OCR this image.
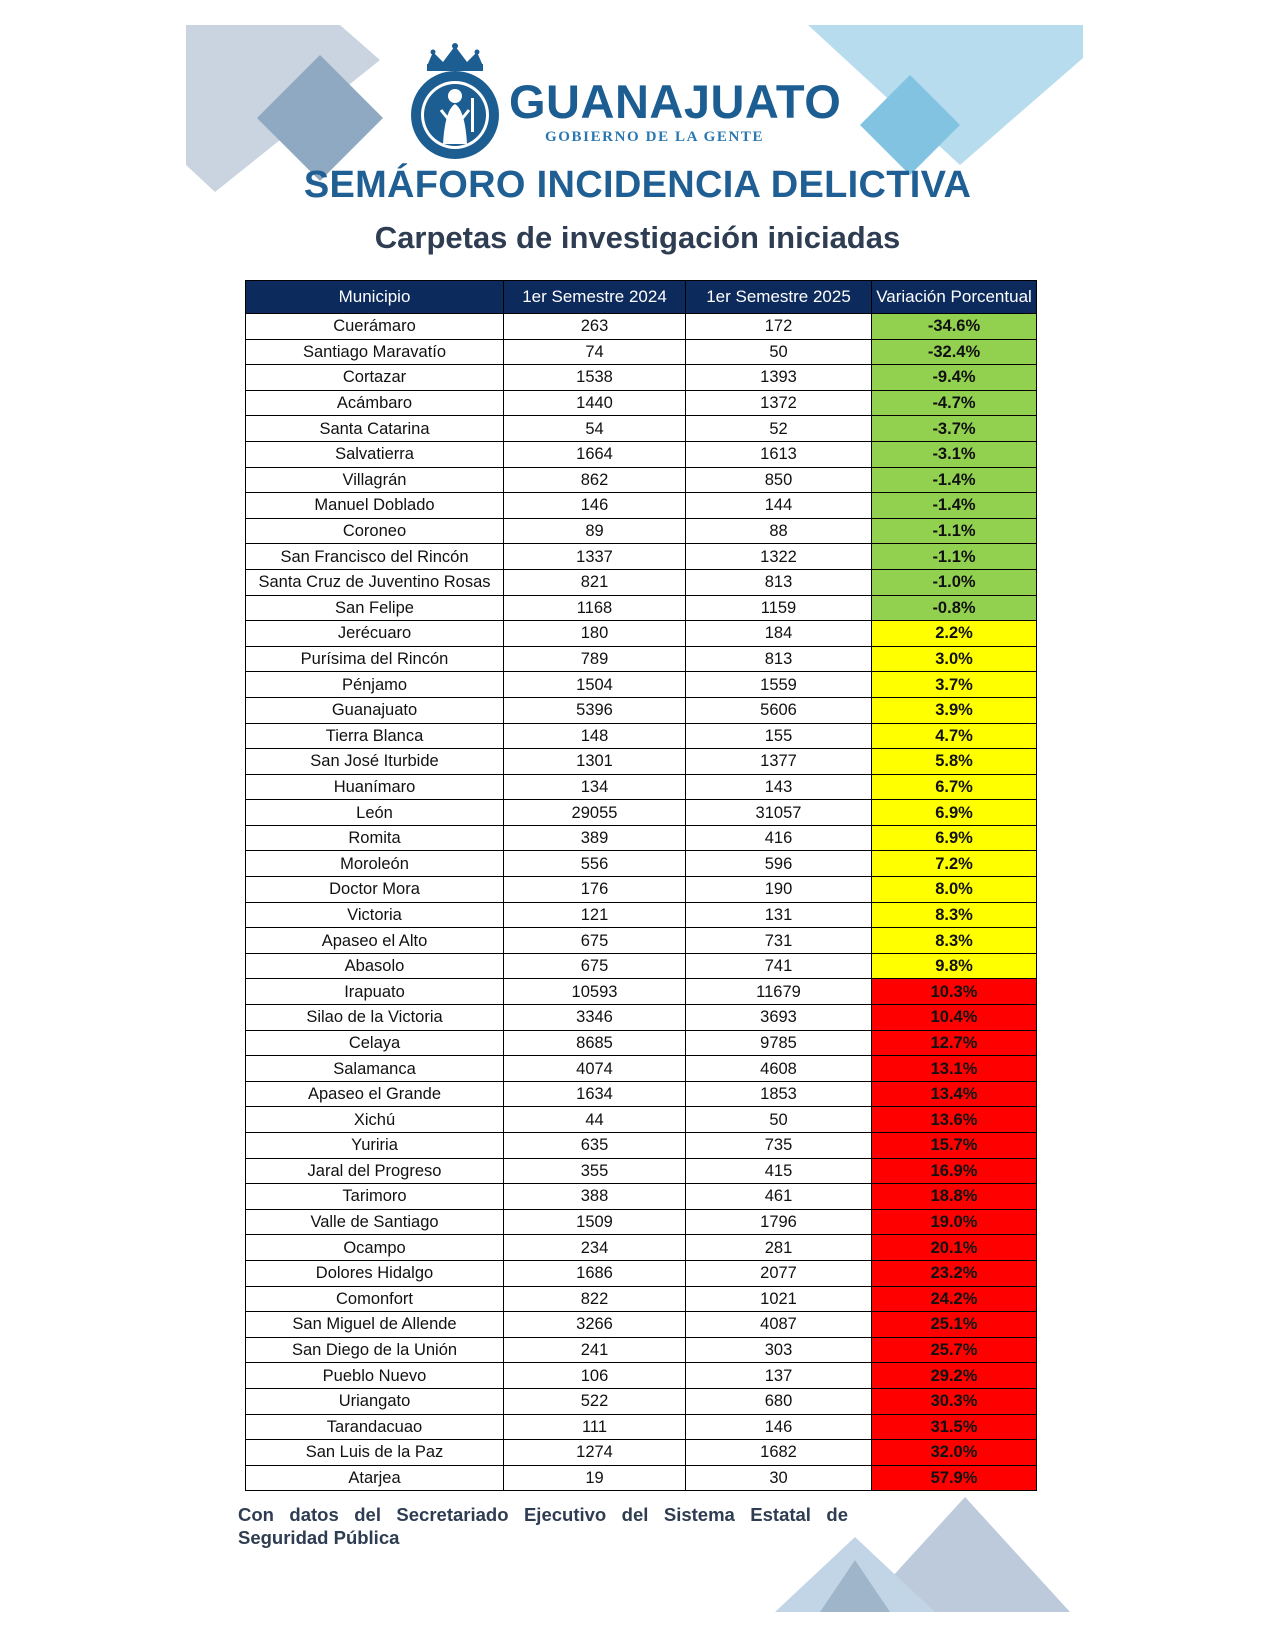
GUANAJUATO
GOBIERNO DE LA GENTE
SEMÁFORO INCIDENCIA DELICTIVA
Carpetas de investigación iniciadas
Municipio	1er Semestre 2024	1er Semestre 2025	Variación Porcentual
Cuerámaro	263	172	-34.6%
Santiago Maravatío	74	50	-32.4%
Cortazar	1538	1393	-9.4%
Acámbaro	1440	1372	-4.7%
Santa Catarina	54	52	-3.7%
Salvatierra	1664	1613	-3.1%
Villagrán	862	850	-1.4%
Manuel Doblado	146	144	-1.4%
Coroneo	89	88	-1.1%
San Francisco del Rincón	1337	1322	-1.1%
Santa Cruz de Juventino Rosas	821	813	-1.0%
San Felipe	1168	1159	-0.8%
Jerécuaro	180	184	2.2%
Purísima del Rincón	789	813	3.0%
Pénjamo	1504	1559	3.7%
Guanajuato	5396	5606	3.9%
Tierra Blanca	148	155	4.7%
San José Iturbide	1301	1377	5.8%
Huanímaro	134	143	6.7%
León	29055	31057	6.9%
Romita	389	416	6.9%
Moroleón	556	596	7.2%
Doctor Mora	176	190	8.0%
Victoria	121	131	8.3%
Apaseo el Alto	675	731	8.3%
Abasolo	675	741	9.8%
Irapuato	10593	11679	10.3%
Silao de la Victoria	3346	3693	10.4%
Celaya	8685	9785	12.7%
Salamanca	4074	4608	13.1%
Apaseo el Grande	1634	1853	13.4%
Xichú	44	50	13.6%
Yuriria	635	735	15.7%
Jaral del Progreso	355	415	16.9%
Tarimoro	388	461	18.8%
Valle de Santiago	1509	1796	19.0%
Ocampo	234	281	20.1%
Dolores Hidalgo	1686	2077	23.2%
Comonfort	822	1021	24.2%
San Miguel de Allende	3266	4087	25.1%
San Diego de la Unión	241	303	25.7%
Pueblo Nuevo	106	137	29.2%
Uriangato	522	680	30.3%
Tarandacuao	111	146	31.5%
San Luis de la Paz	1274	1682	32.0%
Atarjea	19	30	57.9%
Con datos del Secretariado Ejecutivo del Sistema Estatal de Seguridad Pública
